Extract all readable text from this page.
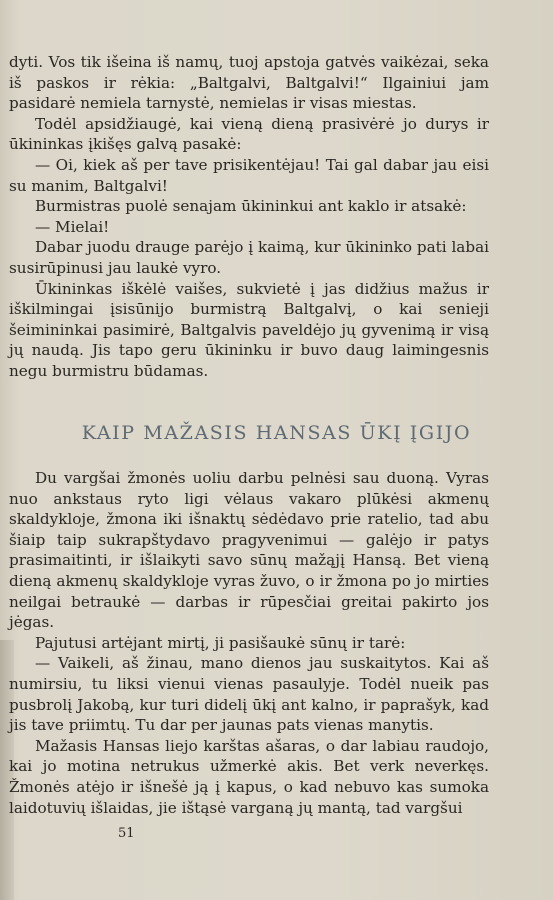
dyti. Vos tik išeina iš namų, tuoj apstoja gatvės vaikėzai, seka iš paskos ir rėkia: „Baltgalvi, Baltgalvi!“ Ilgainiui jam pasidarė nemiela tarnystė, nemielas ir visas miestas.

Todėl apsidžiaugė, kai vieną dieną prasivėrė jo durys ir ūkininkas įkišęs galvą pasakė:

— Oi, kiek aš per tave prisikentėjau! Tai gal dabar jau eisi su manim, Baltgalvi!

Burmistras puolė senajam ūkininkui ant kaklo ir atsakė:

— Mielai!

Dabar juodu drauge parėjo į kaimą, kur ūkininko pati labai susirūpinusi jau laukė vyro.

Ūkininkas iškėlė vaišes, sukvietė į jas didžius mažus ir iškilmingai įsisūnijo burmistrą Baltgalvį, o kai senieji šeimininkai pasimirė, Baltgalvis paveldėjo jų gyvenimą ir visą jų naudą. Jis tapo geru ūkininku ir buvo daug laimingesnis negu burmistru būdamas.

KAIP MAŽASIS HANSAS ŪKĮ ĮGIJO

Du vargšai žmonės uoliu darbu pelnėsi sau duoną. Vyras nuo ankstaus ryto ligi vėlaus vakaro plūkėsi akmenų skaldykloje, žmona iki išnaktų sėdėdavo prie ratelio, tad abu šiaip taip sukrapštydavo pragyvenimui — galėjo ir patys prasimaitinti, ir išlaikyti savo sūnų mažąjį Hansą. Bet vieną dieną akmenų skaldykloje vyras žuvo, o ir žmona po jo mirties neilgai betraukė — darbas ir rūpesčiai greitai pakirto jos jėgas.

Pajutusi artėjant mirtį, ji pasišaukė sūnų ir tarė:

— Vaikeli, aš žinau, mano dienos jau suskaitytos. Kai aš numirsiu, tu liksi vienui vienas pasaulyje. Todėl nueik pas pusbrolį Jakobą, kur turi didelį ūkį ant kalno, ir paprašyk, kad jis tave priimtų. Tu dar per jaunas pats vienas manytis.

Mažasis Hansas liejo karštas ašaras, o dar labiau raudojo, kai jo motina netrukus užmerkė akis. Bet verk neverkęs. Žmonės atėjo ir išnešė ją į kapus, o kad nebuvo kas sumoka laidotuvių išlaidas, jie ištąsė varganą jų mantą, tad vargšui

51
